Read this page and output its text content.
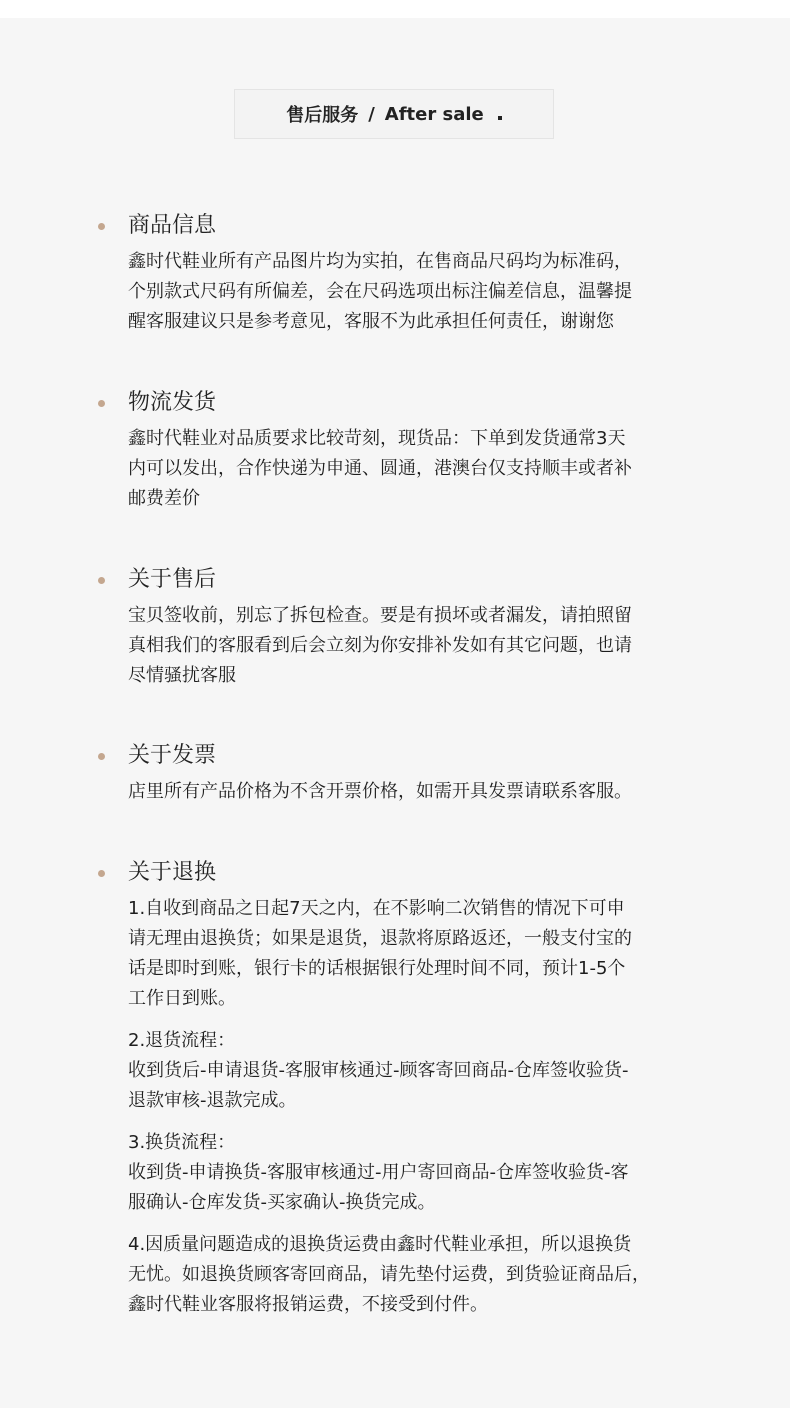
售后服务 / After sale
商品信息
鑫时代鞋业所有产品图片均为实拍，在售商品尺码均为标准码，
个别款式尺码有所偏差，会在尺码选项出标注偏差信息，温馨提
醒客服建议只是参考意见，客服不为此承担任何责任，谢谢您
物流发货
鑫时代鞋业对品质要求比较苛刻，现货品：下单到发货通常3天
内可以发出，合作快递为申通、圆通，港澳台仅支持顺丰或者补
邮费差价
关于售后
宝贝签收前，别忘了拆包检查。要是有损坏或者漏发，请拍照留
真相我们的客服看到后会立刻为你安排补发如有其它问题，也请
尽情骚扰客服
关于发票
店里所有产品价格为不含开票价格，如需开具发票请联系客服。
关于退换
1.自收到商品之日起7天之内，在不影响二次销售的情况下可申
请无理由退换货；如果是退货，退款将原路返还，一般支付宝的
话是即时到账，银行卡的话根据银行处理时间不同，预计1-5个
工作日到账。
2.退货流程：
收到货后-申请退货-客服审核通过-顾客寄回商品-仓库签收验货-
退款审核-退款完成。
3.换货流程：
收到货-申请换货-客服审核通过-用户寄回商品-仓库签收验货-客
服确认-仓库发货-买家确认-换货完成。
4.因质量问题造成的退换货运费由鑫时代鞋业承担，所以退换货
无忧。如退换货顾客寄回商品，请先垫付运费，到货验证商品后，
鑫时代鞋业客服将报销运费，不接受到付件。
